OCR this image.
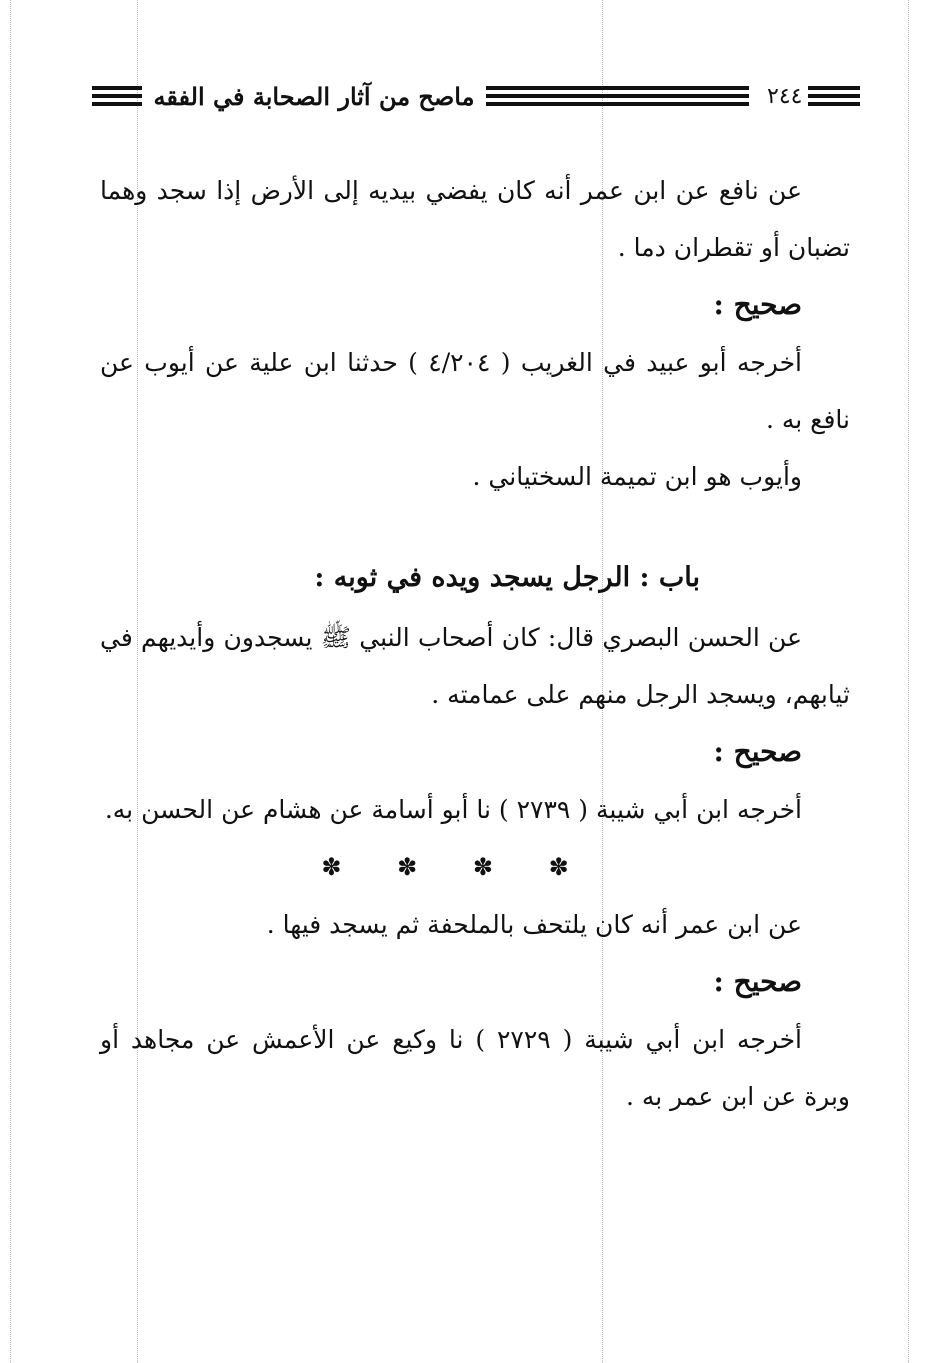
٢٤٤
ماصح من آثار الصحابة في الفقه

عن نافع عن ابن عمر أنه كان يفضي بيديه إلى الأرض إذا سجد وهما تضبان أو تقطران دما .

صحيح :

أخرجه أبو عبيد في الغريب ( ٤/٢٠٤ ) حدثنا ابن علية عن أيوب عن نافع به .

وأيوب هو ابن تميمة السختياني .

باب : الرجل يسجد ويده في ثوبه :

عن الحسن البصري قال: كان أصحاب النبي ﷺ يسجدون وأيديهم في ثيابهم، ويسجد الرجل منهم على عمامته .

صحيح :

أخرجه ابن أبي شيبة ( ٢٧٣٩ ) نا أبو أسامة عن هشام عن الحسن به.

✽ ✽ ✽ ✽

عن ابن عمر أنه كان يلتحف بالملحفة ثم يسجد فيها .

صحيح :

أخرجه ابن أبي شيبة ( ٢٧٢٩ ) نا وكيع عن الأعمش عن مجاهد أو وبرة عن ابن عمر به .
